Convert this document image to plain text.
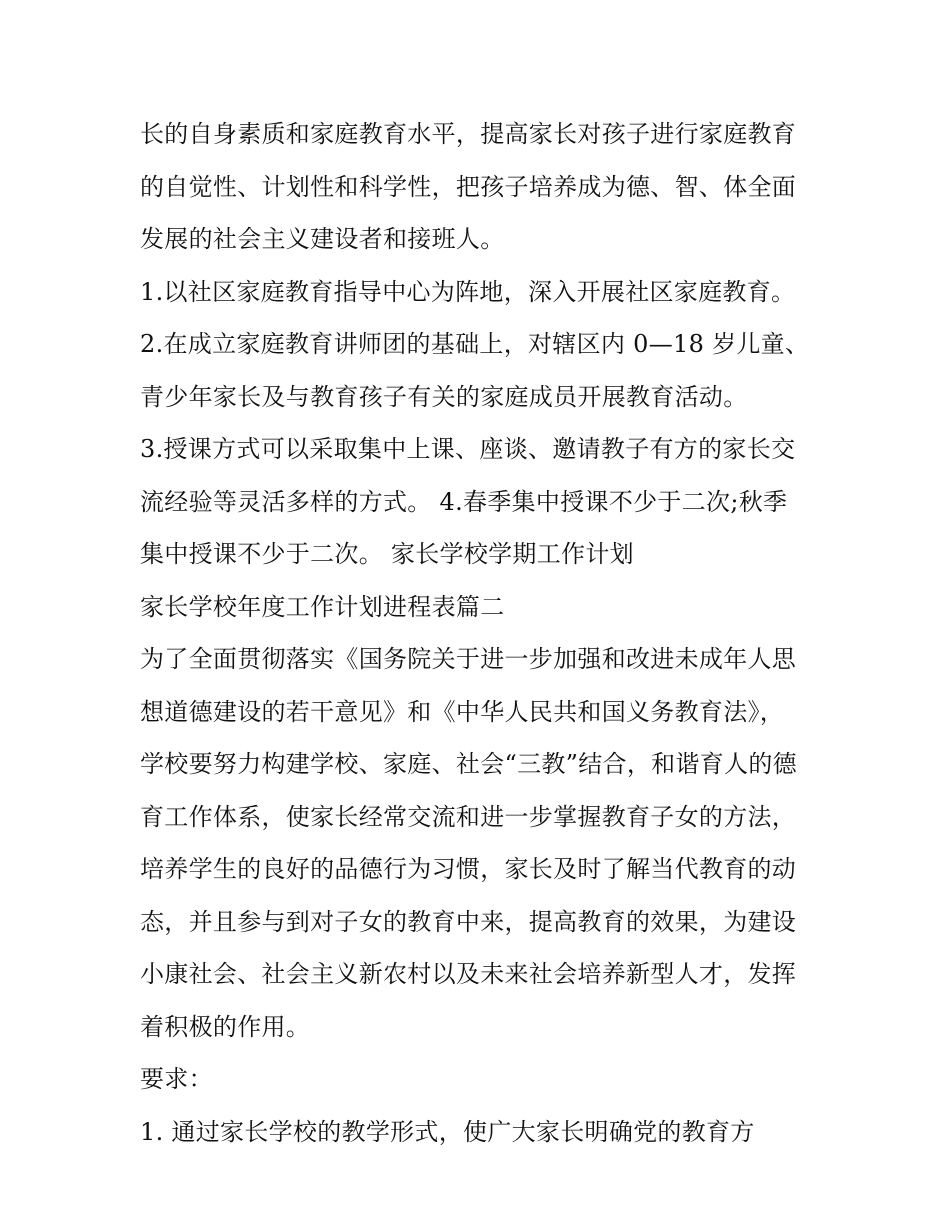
长的自身素质和家庭教育水平，提高家长对孩子进行家庭教育
的自觉性、计划性和科学性，把孩子培养成为德、智、体全面
发展的社会主义建设者和接班人。
1.以社区家庭教育指导中心为阵地，深入开展社区家庭教育。
2.在成立家庭教育讲师团的基础上，对辖区内 0—18 岁儿童、
青少年家长及与教育孩子有关的家庭成员开展教育活动。
3.授课方式可以采取集中上课、座谈、邀请教子有方的家长交
流经验等灵活多样的方式。 4.春季集中授课不少于二次;秋季
集中授课不少于二次。 家长学校学期工作计划
家长学校年度工作计划进程表篇二
为了全面贯彻落实《国务院关于进一步加强和改进未成年人思
想道德建设的若干意见》和《中华人民共和国义务教育法》，
学校要努力构建学校、家庭、社会“三教”结合，和谐育人的德
育工作体系，使家长经常交流和进一步掌握教育子女的方法，
培养学生的良好的品德行为习惯，家长及时了解当代教育的动
态，并且参与到对子女的教育中来，提高教育的效果，为建设
小康社会、社会主义新农村以及未来社会培养新型人才，发挥
着积极的作用。
要求：
1. 通过家长学校的教学形式，使广大家长明确党的教育方
